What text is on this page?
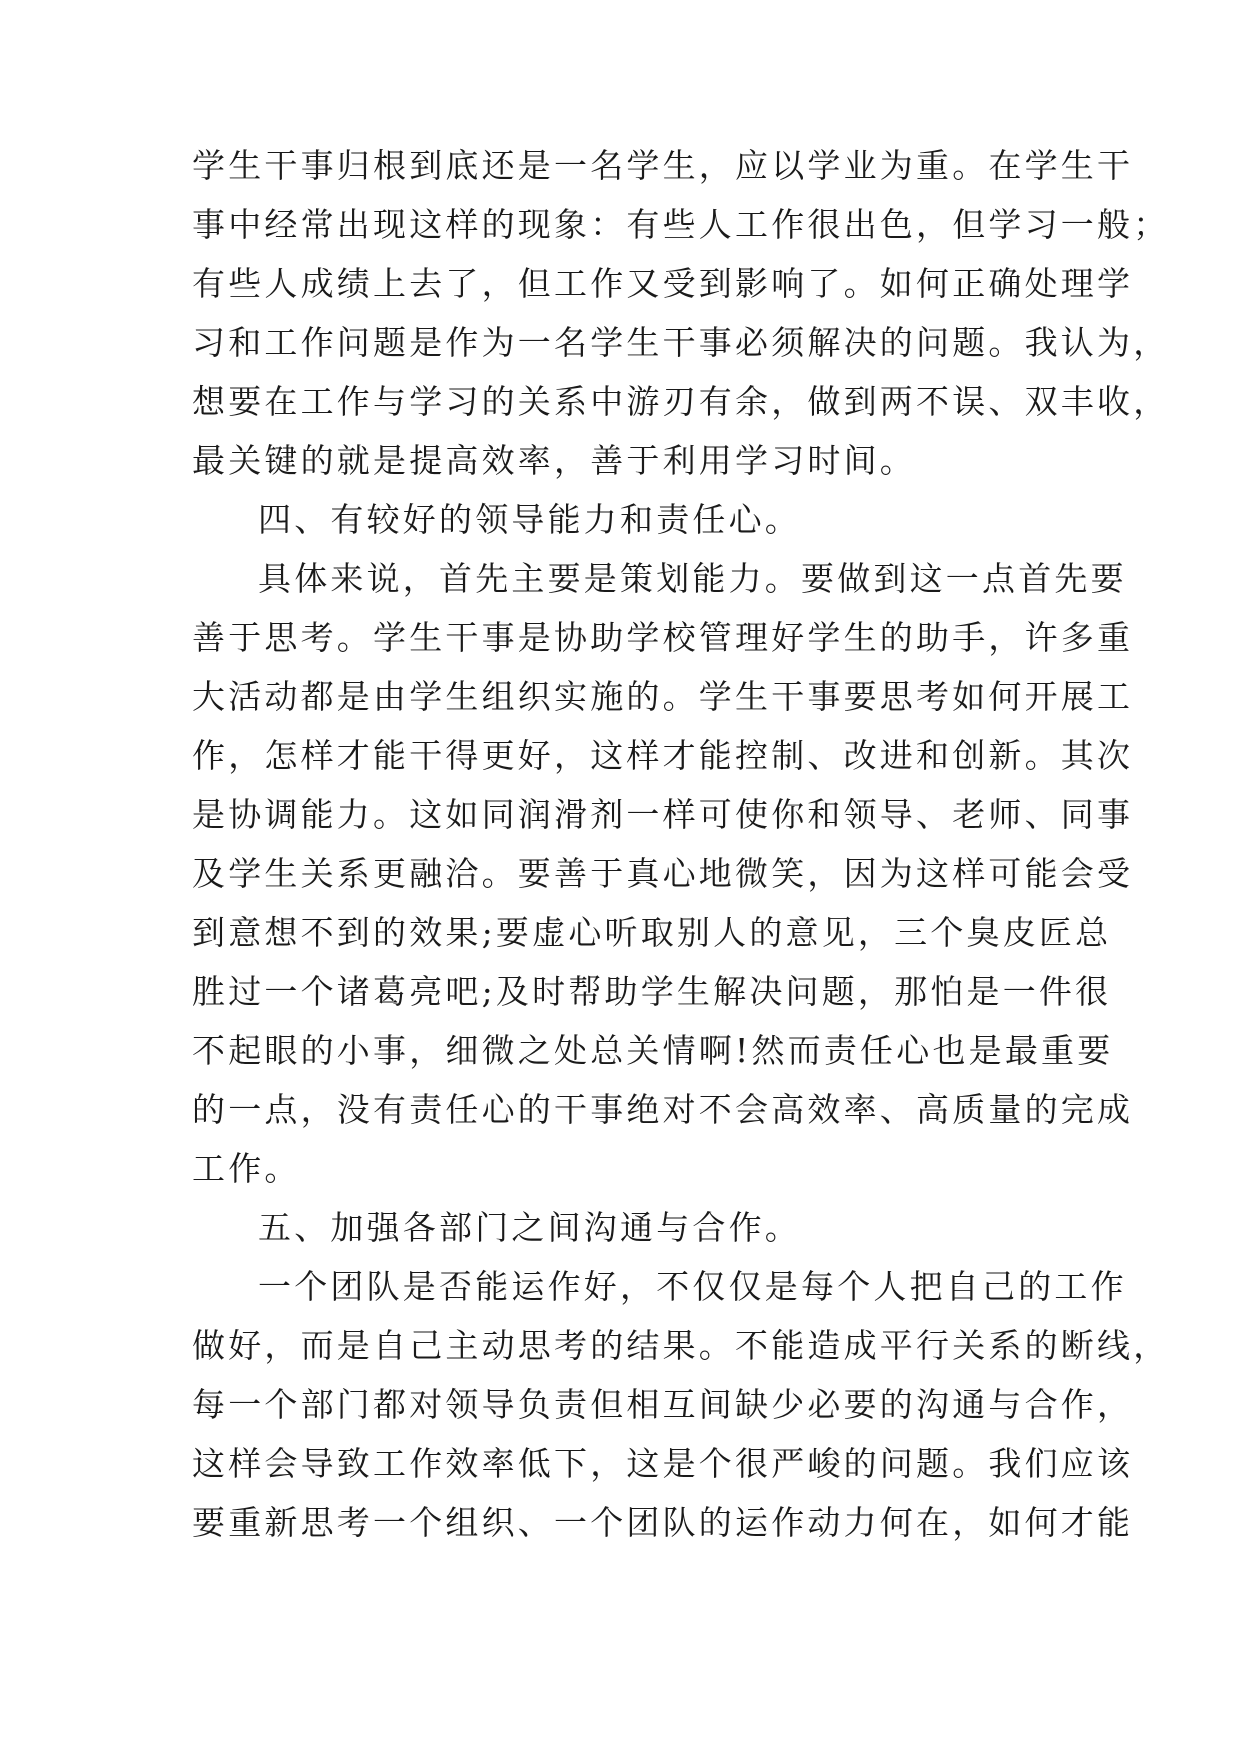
学生干事归根到底还是一名学生，应以学业为重。在学生干
事中经常出现这样的现象：有些人工作很出色，但学习一般；
有些人成绩上去了，但工作又受到影响了。如何正确处理学
习和工作问题是作为一名学生干事必须解决的问题。我认为，
想要在工作与学习的关系中游刃有余，做到两不误、双丰收，
最关键的就是提高效率，善于利用学习时间。
四、有较好的领导能力和责任心。
具体来说，首先主要是策划能力。要做到这一点首先要
善于思考。学生干事是协助学校管理好学生的助手，许多重
大活动都是由学生组织实施的。学生干事要思考如何开展工
作，怎样才能干得更好，这样才能控制、改进和创新。其次
是协调能力。这如同润滑剂一样可使你和领导、老师、同事
及学生关系更融洽。要善于真心地微笑，因为这样可能会受
到意想不到的效果;要虚心听取别人的意见，三个臭皮匠总
胜过一个诸葛亮吧;及时帮助学生解决问题，那怕是一件很
不起眼的小事，细微之处总关情啊!然而责任心也是最重要
的一点，没有责任心的干事绝对不会高效率、高质量的完成
工作。
五、加强各部门之间沟通与合作。
一个团队是否能运作好，不仅仅是每个人把自己的工作
做好，而是自己主动思考的结果。不能造成平行关系的断线，
每一个部门都对领导负责但相互间缺少必要的沟通与合作，
这样会导致工作效率低下，这是个很严峻的问题。我们应该
要重新思考一个组织、一个团队的运作动力何在，如何才能
